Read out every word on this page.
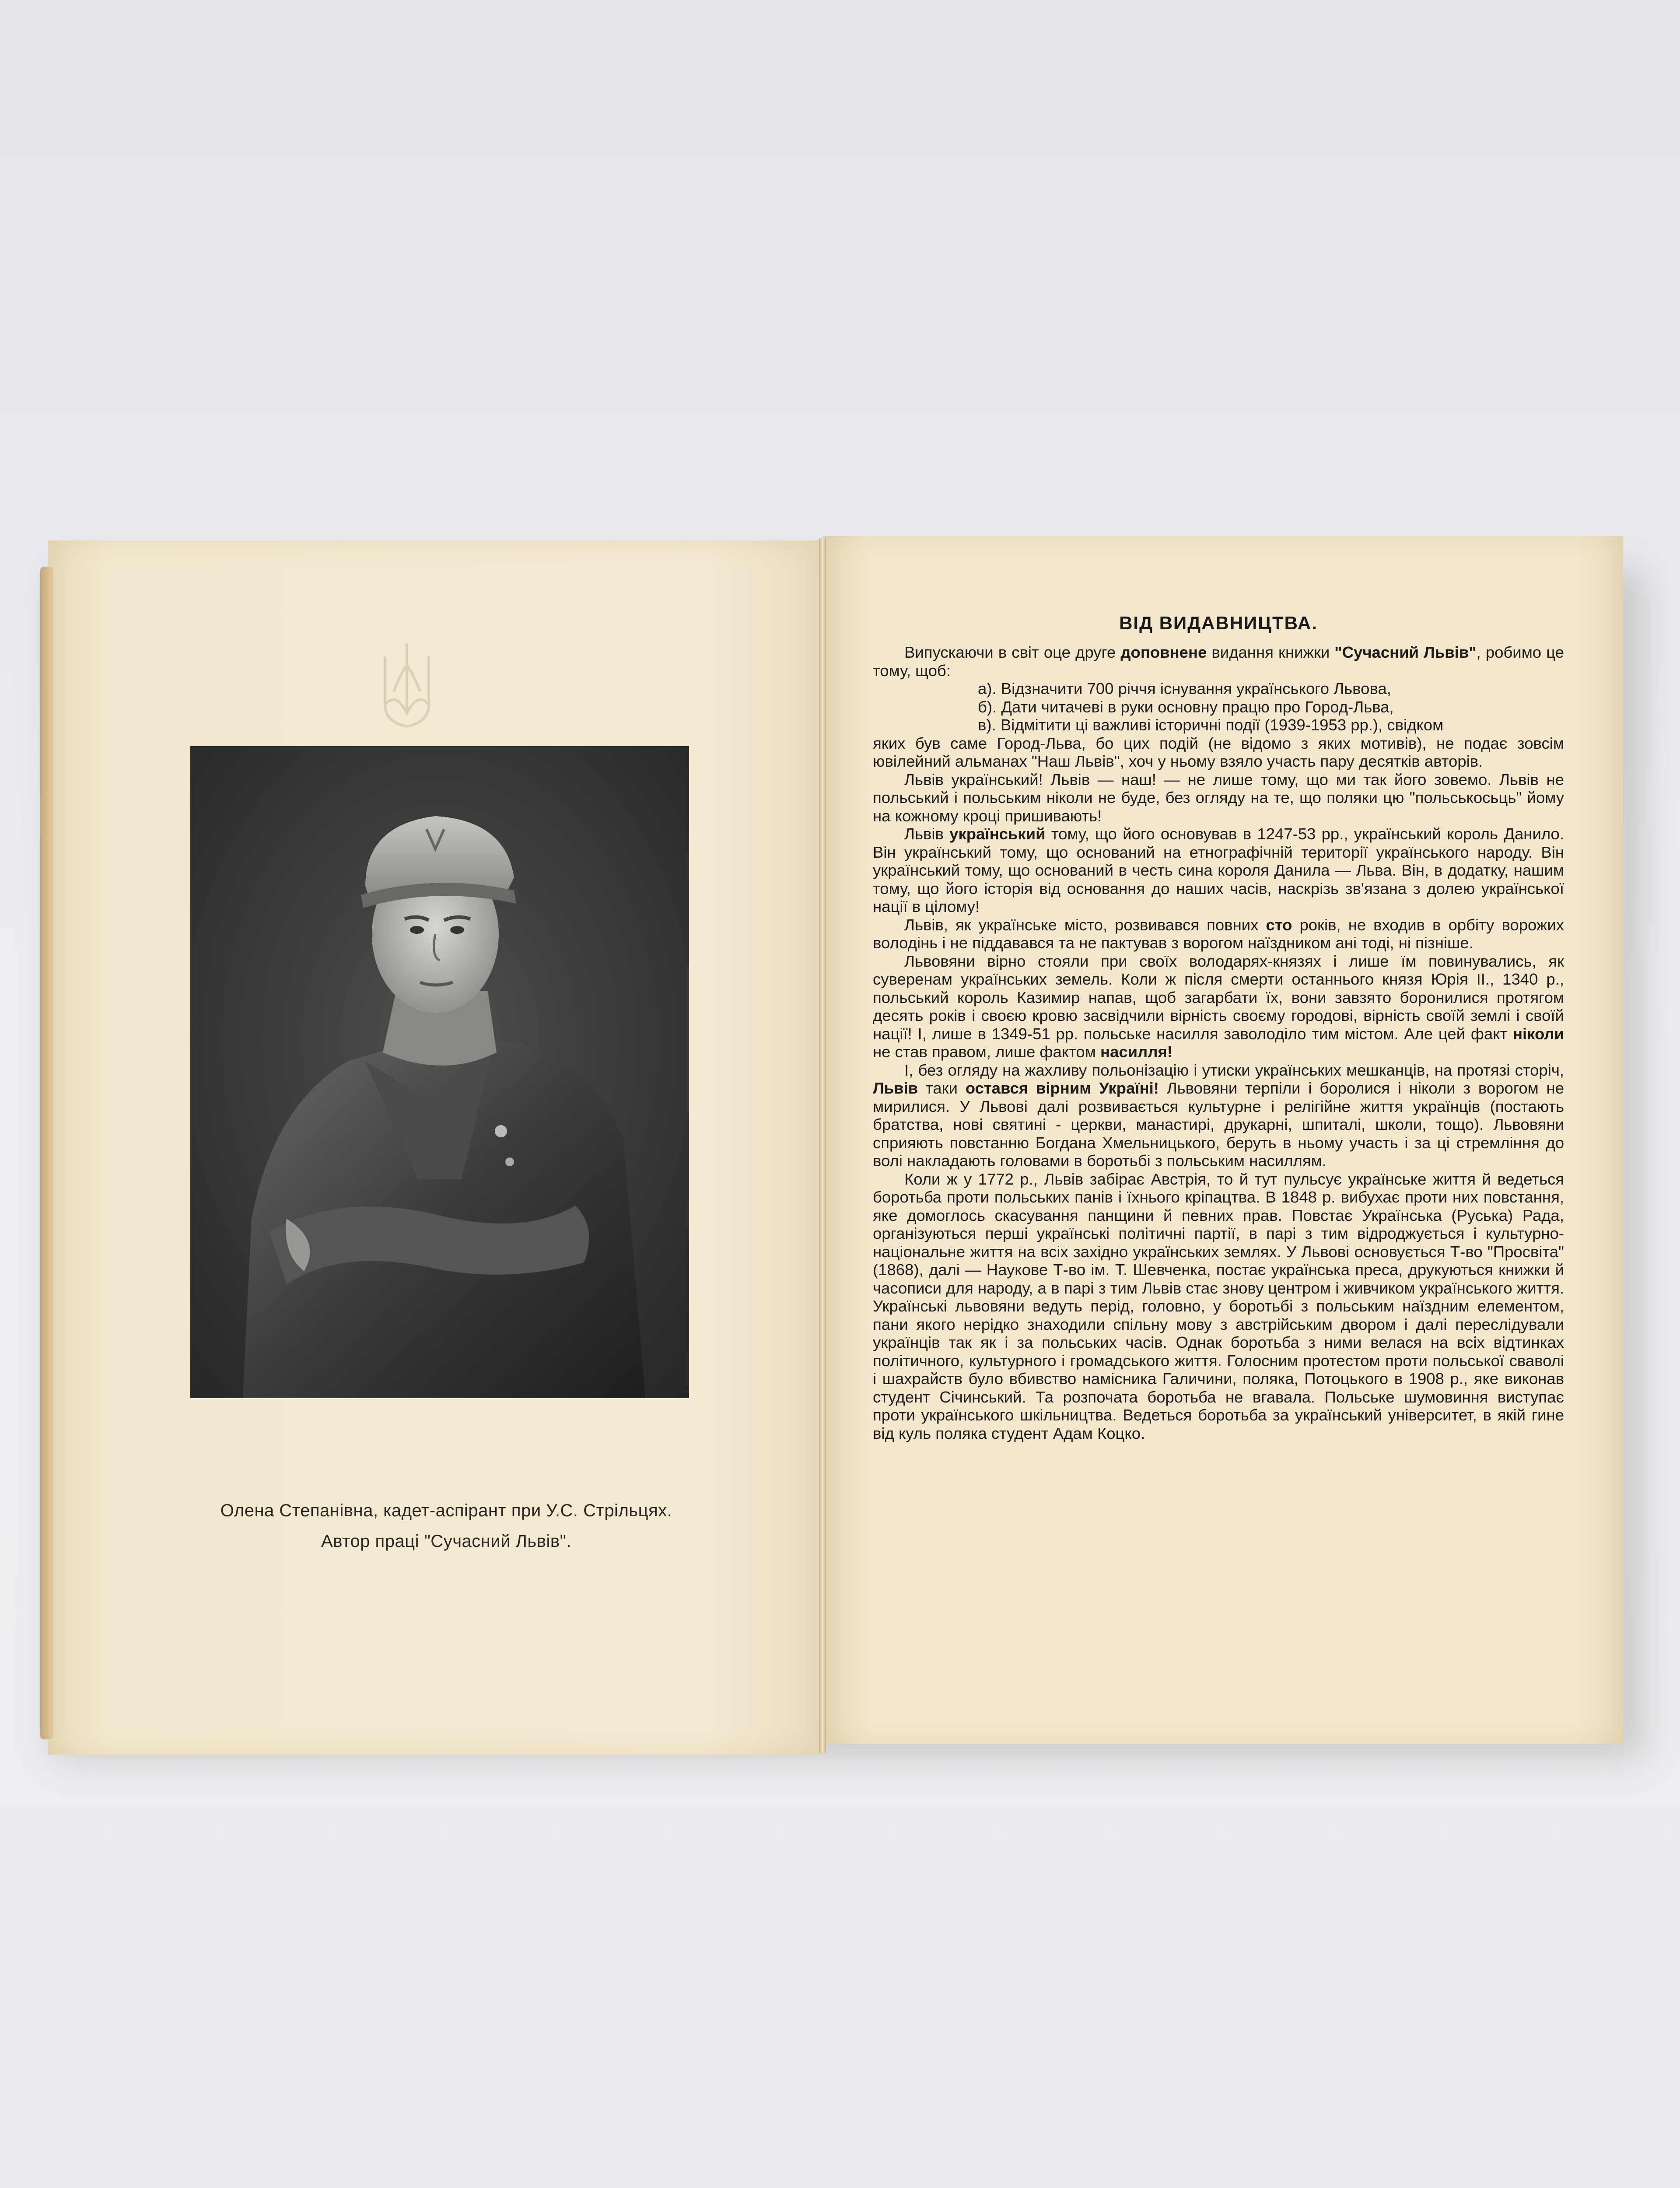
Олена Степанівна, кадет-аспірант при У.С. Стрільцях.
Автор праці "Сучасний Львів".
ВІД ВИДАВНИЦТВА.

Випускаючи в світ оце друге доповнене видання книжки "Сучасний Львів", робимо це тому, щоб:

а). Відзначити 700 річчя існування українського Львова,

б). Дати читачеві в руки основну працю про Город-Льва,

в). Відмітити ці важливі історичні події (1939-1953 рр.), свідком

яких був саме Город-Льва, бо цих подій (не відомо з яких мотивів), не подає зовсім ювілейний альманах "Наш Львів", хоч у ньому взяло участь пару десятків авторів.

Львів український! Львів — наш! — не лише тому, що ми так його зовемо. Львів не польський і польським ніколи не буде, без огляду на те, що поляки цю "польськосьць" йому на кожному кроці пришивають!

Львів український тому, що його основував в 1247-53 рр., український король Данило. Він український тому, що оснований на етнографічній території українського народу. Він український тому, що оснований в честь сина короля Данила — Льва. Він, в додатку, нашим тому, що його історія від основання до наших часів, наскрізь зв'язана з долею української нації в цілому!

Львів, як українське місто, розвивався повних сто років, не входив в орбіту ворожих володінь і не піддавався та не пактував з ворогом наїздником ані тоді, ні пізніше.

Львовяни вірно стояли при своїх володарях-князях і лише їм повинувались, як суверенам українських земель. Коли ж після смерти останнього князя Юрія II., 1340 р., польський король Казимир напав, щоб загарбати їх, вони завзято боронилися протягом десять років і своєю кровю засвідчили вірність своєму городові, вірність своїй землі і своїй нації! І, лише в 1349-51 рр. польське насилля заволоділо тим містом. Але цей факт ніколи не став правом, лише фактом насилля!

І, без огляду на жахливу польонізацію і утиски українських мешканців, на протязі сторіч, Львів таки остався вірним Україні! Львовяни терпіли і боролися і ніколи з ворогом не мирилися. У Львові далі розвивається культурне і релігійне життя українців (постають братства, нові святині - церкви, манастирі, друкарні, шпиталі, школи, тощо). Львовяни сприяють повстанню Богдана Хмельницького, беруть в ньому участь і за ці стремління до волі накладають головами в боротьбі з польським насиллям.

Коли ж у 1772 р., Львів забірає Австрія, то й тут пульсує українське життя й ведеться боротьба проти польських панів і їхнього кріпацтва. В 1848 р. вибухає проти них повстання, яке домоглось скасування панщини й певних прав. Повстає Українська (Руська) Рада, організуються перші українські політичні партії, в парі з тим відроджується і культурно-національне життя на всіх західно українських землях. У Львові основується Т-во "Просвіта"(1868), далі — Наукове Т-во ім. Т. Шевченка, постає українська преса, друкуються книжки й часописи для народу, а в парі з тим Львів стає знову центром і живчиком українського життя. Українські львовяни ведуть перід, головно, у боротьбі з польським наїздним елементом, пани якого нерідко знаходили спільну мову з австрійським двором і далі переслідували українців так як і за польських часів. Однак боротьба з ними велася на всіх відтинках політичного, культурного і громадського життя. Голосним протестом проти польської сваволі і шахрайств було вбивство намісника Галичини, поляка, Потоцького в 1908 р., яке виконав студент Січинський. Та розпочата боротьба не вгавала. Польське шумовиння виступає проти українського шкільництва. Ведеться боротьба за український університет, в якій гине від куль поляка студент Адам Коцко.
